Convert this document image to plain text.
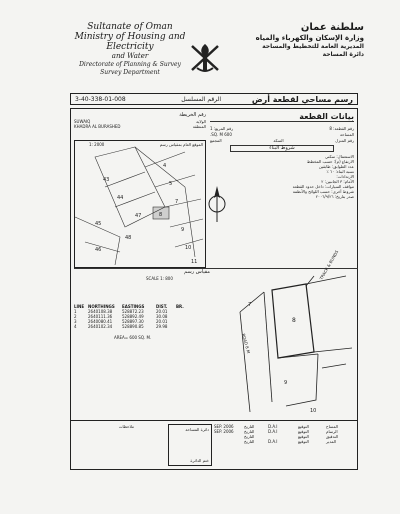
Sultanate of Oman
Ministry of Housing and Electricity
and Water
Directorate of Planning & Survey
Survey Department
سلطنة عمان
وزارة الإسكان والكهرباء والمياه
المديرية العامة للتخطيط والمساحة
دائرة المساحة
3-40-338-01-008	الرقم المسلسل	رسم مساحي لقطعة أرض
رقم الخريطة
SUWAIQ	الولاية
KHADRA AL BURASHED	المنطقة
بيانات القطعة
رقم القطعة: 8
رقم المربع: 1
المساحة
600 SQ. M.
رقم المنزل
السكة
المجمع
شروط البناء
الاستعمال: سكني
الارتفاع (م): حسب المخطط
عدد الطوابق: طابقين
نسبة البناء: ٦٠ ٪
الارتدادات:
الأمام: ٣ الجانبين: ٢
مواقف السيارات: داخل حدود القطعة
شروط أخرى: حسب اللوائح والأنظمة
صدر بتاريخ: ٢٠٠٦/٩/٢٦
الموقع العام بمقياس رسم
1: 2000
43
44
45
46
47
48
4
5
7
8
9
10
11
مقياس رسم
SCALE 1: 800
LINE NORTHINGS	EASTINGS	DIST.	BR.
1	2640108.38	528872.23	20.01
2	2640111.36	528892.49	30.08
3	2640080.41	528897.30	20.01
4	2640102.34	528890.85	29.98
AREA= 600 SQ. M.
8
7
9
10
TRACK & BUNDS
ROAD 8 M
ملاحظات
دائرة المساحة
ختم الدائرة
SEP. 2006	التاريخ	D.A.I	التوقيع	المساح
SEP. 2006	التاريخ	D.A.I	التوقيع	الرسام
التاريخ	التوقيع	التدقيق
التاريخ	D.A.I	التوقيع	المدير
